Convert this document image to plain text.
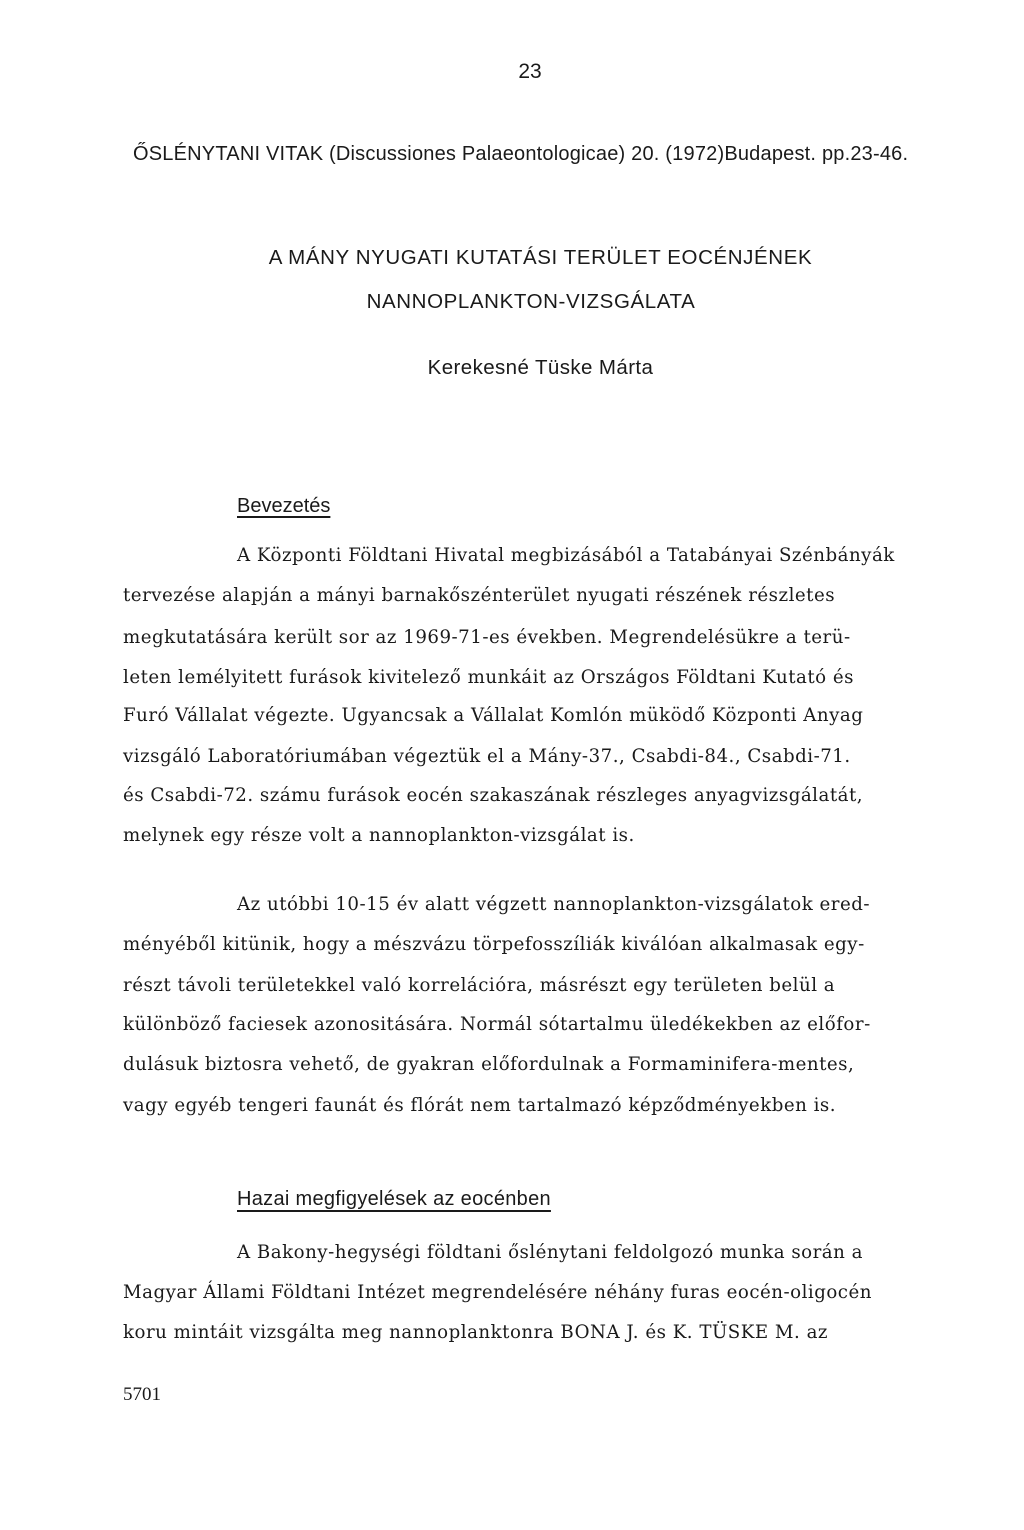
23
ŐSLÉNYTANI VITAK (Discussiones Palaeontologicae) 20. (1972)Budapest. pp.23-46.
A MÁNY NYUGATI KUTATÁSI TERÜLET EOCÉNJÉNEK
NANNOPLANKTON-VIZSGÁLATA
Kerekesné Tüske Márta
Bevezetés
A Központi Földtani Hivatal megbizásából a Tatabányai Szénbányák
tervezése alapján a mányi barnakőszénterület nyugati részének részletes
megkutatására került sor az 1969-71-es években. Megrendelésükre a terü-
leten lemélyitett furások kivitelező munkáit az Országos Földtani Kutató és
Furó Vállalat végezte. Ugyancsak a Vállalat Komlón müködő Központi Anyag
vizsgáló Laboratóriumában végeztük el a Mány-37., Csabdi-84., Csabdi-71.
és Csabdi-72. számu furások eocén szakaszának részleges anyagvizsgálatát,
melynek egy része volt a nannoplankton-vizsgálat is.
Az utóbbi 10-15 év alatt végzett nannoplankton-vizsgálatok ered-
ményéből kitünik, hogy a mészvázu törpefosszíliák kiválóan alkalmasak egy-
részt távoli területekkel való korrelációra, másrészt egy területen belül a
különböző faciesek azonositására. Normál sótartalmu üledékekben az előfor-
dulásuk biztosra vehető, de gyakran előfordulnak a Formaminifera-mentes,
vagy egyéb tengeri faunát és flórát nem tartalmazó képződményekben is.
Hazai megfigyelések az eocénben
A Bakony-hegységi földtani őslénytani feldolgozó munka során a
Magyar Állami Földtani Intézet megrendelésére néhány furas eocén-oligocén
koru mintáit vizsgálta meg nannoplanktonra BONA J. és K. TÜSKE M. az
5701
